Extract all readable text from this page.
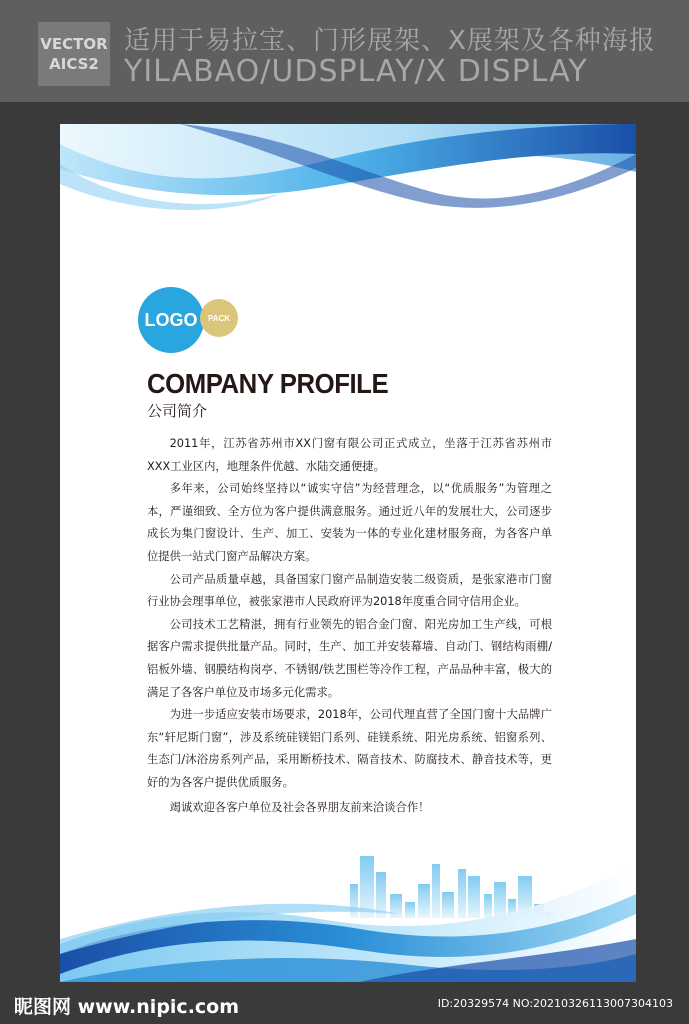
VECTOR
AICS2
适用于易拉宝、门形展架、X展架及各种海报
YILABAO/UDSPLAY/X DISPLAY
LOGO	PACK
COMPANY PROFILE
公司简介

2011年，江苏省苏州市XX门窗有限公司正式成立，坐落于江苏省苏州市XXX工业区内，地理条件优越、水陆交通便捷。

多年来，公司始终坚持以“诚实守信”为经营理念，以“优质服务”为管理之本，严谨细致、全方位为客户提供满意服务。通过近八年的发展壮大，公司逐步成长为集门窗设计、生产、加工、安装为一体的专业化建材服务商，为各客户单位提供一站式门窗产品解决方案。

公司产品质量卓越，具备国家门窗产品制造安装二级资质，是张家港市门窗行业协会理事单位，被张家港市人民政府评为2018年度重合同守信用企业。

公司技术工艺精湛，拥有行业领先的铝合金门窗、阳光房加工生产线，可根据客户需求提供批量产品。同时，生产、加工并安装幕墙、自动门、钢结构雨棚/铝板外墙、钢膜结构岗亭、不锈钢/铁艺围栏等冷作工程，产品品种丰富，极大的满足了各客户单位及市场多元化需求。

为进一步适应安装市场要求，2018年，公司代理直营了全国门窗十大品牌广东“轩尼斯门窗”，涉及系统硅镁铝门系列、硅镁系统、阳光房系统、铝窗系列、生态门/沐浴房系列产品，采用断桥技术、隔音技术、防腐技术、静音技术等，更好的为各客户提供优质服务。

竭诚欢迎各客户单位及社会各界朋友前来洽谈合作！

昵图网 www.nipic.com	ID:20329574 NO:20210326113007304103
